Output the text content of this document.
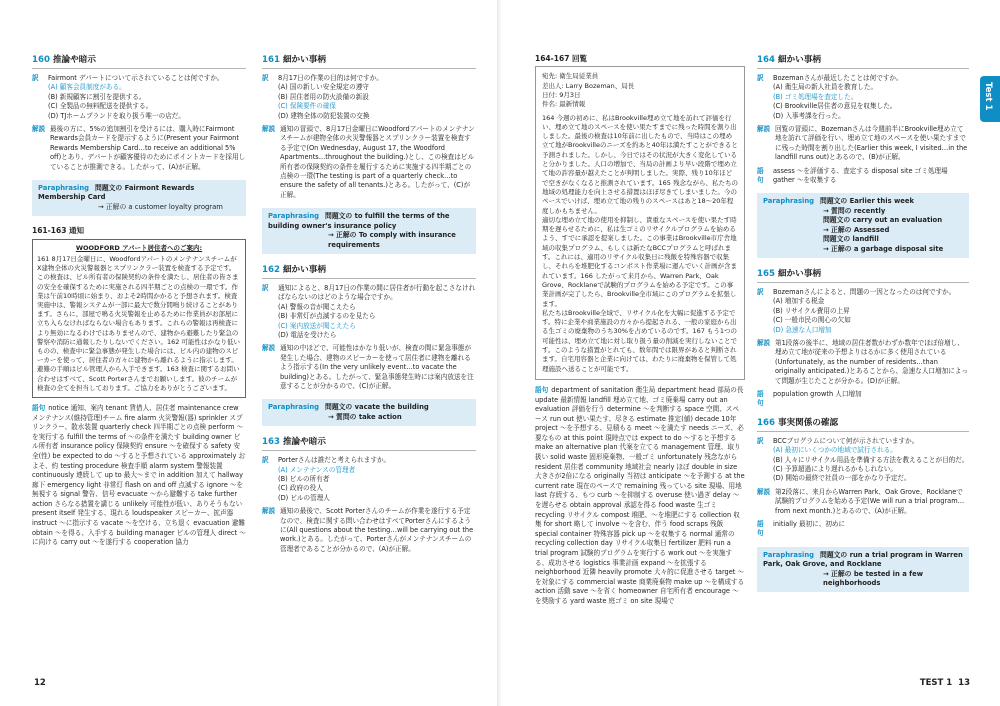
160 推論や暗示
訳	Fairmont デパートについて示されていることは何ですか。
(A) 顧客会員制度がある。
(B) 新規顧客に割引を提供する。
(C) 全製品の無料配送を提供する。
(D) TJホームブランドを取り扱う唯一の店だ。
解説 最後の方に、5%の追加割引を受けるには、購入時にFairmont Rewards会員カードを提示するように(Present your Fairmont Rewards Membership Card…to receive an additional 5% off)とあり、デパートが顧客優待のためにポイントカードを採用していることが推測できる。したがって、(A)が正解。
Paraphrasing 問題文の Fairmont Rewards Membership Card
→ 正解の a customer loyalty program
161-163 通知
WOODFORD アパート居住者へのご案内:
161 8月17日金曜日に、WoodfordアパートのメンテナンスチームがX建物全体の火災警報器とスプリンクラー装置を検査する予定です。この検査は、ビル所有者の保険契約の条件を満たし、居住者の皆さまの安全を確保するために実施される四半期ごとの点検の一環です。作業は午前10時頃に始まり、およそ2時間かかると予想されます。検査実施中は、警報システムが一部に最大で数分間鳴り続けることがあります。さらに、部屋で鳴る火災警報を止めるために作業員がお部屋に立ち入らなければならない場合もあります。これらの警報は再検査により無効になるわけではありませんので、建物から避難したり緊急の警察や消防に通報したりしないでください。162 可能性はかなり低いものの、検査中に緊急事態が発生した場合には、ビル内の建物のスピーカーを使って、居住者の方々に建物から離れるように指示します。避難の手順はビル管理人から入手できます。163 検査に関するお問い合わせはすべて、Scott Porterさんまでお願いします。彼のチームが検査の全てを担当しております。ご協力をありがとうございます。
語句 notice 通知、案内 tenant 賃借人、居住者 maintenance crew メンテナンス(維持管理)チーム fire alarm 火災警報(器) sprinkler スプリンクラー、散水装置 quarterly check 四半期ごとの点検 perform ～を実行する fulfill the terms of ～の条件を満たす building owner ビル所有者 insurance policy 保険契約 ensure ～を確保する safety 安全(性) be expected to do ～すると予想されている approximately およそ、約 testing procedure 検査手順 alarm system 警報装置 continuously 連続して up to 最大～まで in addition 加えて hallway 廊下 emergency light 非常灯 flash on and off 点滅する ignore ～を無視する signal 警告、信号 evacuate ～から避難する take further action さらなる措置を講じる unlikely 可能性が低い、ありそうもない present itself 発生する、現れる loudspeaker スピーカー、拡声器 instruct ～に指示する vacate ～を空ける、立ち退く evacuation 避難 obtain ～を得る、入手する building manager ビルの管理人 direct ～に向ける carry out ～を遂行する cooperation 協力
161 細かい事柄
訳	8月17日の作業の目的は何ですか。
(A) 国の新しい安全規定の遵守
(B) 居住者用の防火設備の新設
(C) 保険要件の確保
(D) 建物全体の防犯装置の交換
解説 通知の冒頭で、8月17日金曜日にWoodfordアパートのメンテナンスチームが建物全体の火災警報器とスプリンクラー装置を検査する予定で(On Wednesday, August 17, the Woodford Apartments…throughout the building.)とし、この検査はビル所有者の保険契約の条件を履行するために実施する四半期ごとの点検の一環(The testing is part of a quarterly check…to ensure the safety of all tenants.)とある。したがって、(C)が正解。
Paraphrasing 問題文の to fulfill the terms of the building owner's insurance policy
→ 正解の To comply with insurance requirements
162 細かい事柄
訳	通知によると、8月17日の作業の間に居住者が行動を起こさなければならないのはどのような場合ですか。
(A) 警報の音が聞こえたら
(B) 非常灯が点滅するのを見たら
(C) 案内放送が聞こえたら
(D) 電話を受けたら
解説 通知の中ほどで、可能性はかなり低いが、検査の間に緊急事態が発生した場合、建物のスピーカーを使って居住者に建物を離れるよう指示する(In the very unlikely event…to vacate the building)とある。したがって、緊急事態発生時には案内放送を注意することが分かるので、(C)が正解。
Paraphrasing 問題文の vacate the building
→ 質問の take action
163 推論や暗示
訳	Porterさんは誰だと考えられますか。
(A) メンテナンスの管理者
(B) ビルの所有者
(C) 政府の役人
(D) ビルの管理人
解説 通知の最後で、Scott Porterさんのチームが作業を遂行する予定なので、検査に関する問い合わせはすべてPorterさんにするように(All questions about the testing…will be carrying out the work.)とある。したがって、Porterさんがメンテナンスチームの管理者であることが分かるので、(A)が正解。
12
164-167 回覧
宛先: 衛生局従業員
差出人: Larry Bozeman、局長
日付: 9月3日
件名: 最新情報
164 今週の初めに、私はBrookville埋め立て地を訪れて評価を行い、埋め立て地のスペースを使い果たすまでに残った時間を割り出しました。最後の検査は10年前に出したもので、当時はこの埋め立て地がBrookvilleのニーズを約あと40年は満たすことができると予測されました。しかし、今日ではその状況が大きく変化していると分かりました。人口の増加で、当局の計画より早い段階で埋め立て地の許容量が越えたことが判明しました。実際、残り10年ほどで空きがなくなると推測されています。165 残念ながら、私たちの地域の処理能力を向上させる措置はほぼ尽きてしまいました。今のペースでいけば、埋め立て地の残りのスペースはあと18～20年程度しかもちません。
適切な埋め立て地の使用を抑制し、貴重なスペースを使い果たす時期を遅らせるために、私は生ゴミのリサイクルプログラムを始めるよう、すでに承認を提案しました。この事業はBrookville市庁舎地域の収集プログラム、もしくは新たなBCCプログラムと呼ばれます。これには、適用のリサイクル収集日に残飯を特殊容器で収集し、それらを堆肥化するコンポスト作業場に運んでいく計画が含まれています。166 したがって来月から、Warren Park、Oak Grove、Rocklaneで試験的プログラムを始める予定です。この事業計画が完了したら、Brookville全市域にこのプログラムを拡張します。
私たちはBrookville全域で、リサイクル化を大幅に促進する予定です。特に企業や商業施設の方々から提起される、一般の家庭から出る生ゴミの廃棄物のうち30%を占めているのです。167 もう1つの可能性は、埋め立て地に対し取り扱う量の削減を実行しないことです。このような措置がとれても、数年間では限界があると判断されます。自宅用容器と企業に向けては、わたりに廃棄物を保管して処理施設へ送ることが可能です。
語句 department of sanitation 衛生局 department head 部局の長 update 最新情報 landfill 埋め立て地、ゴミ廃棄場 carry out an evaluation 評価を行う determine ～を判断する space 空間、スペース run out 使い果たす、尽きる estimate 推定(値) decade 10年 project ～を予想する、見積もる meet ～を満たす needs ニーズ、必要なもの at this point 現時点では expect to do ～すると予想する make an alternative plan 代案を立てる management 管理、取り扱い solid waste 固形廃棄物、一般ゴミ unfortunately 残念ながら resident 居住者 community 地域社会 nearly ほぼ double in size 大きさが2倍になる originally 当初は anticipate ～を予測する at the current rate 現在のペースで remaining 残っている site 現場、用地 last 存続する、もつ curb ～を抑制する overuse 使い過ぎ delay ～を遅らせる obtain approval 承認を得る food waste 生ゴミ recycling リサイクル compost 堆肥、～を堆肥にする collection 収集 for short 略して involve ～を含む、伴う food scraps 残飯 special container 特殊容器 pick up ～を収集する normal 通常の recycling collection day リサイクル収集日 fertilizer 肥料 run a trial program 試験的プログラムを実行する work out ～を実施する、成功させる logistics 事業計画 expand ～を拡張する neighborhood 近隣 heavily promote 大々的に促進させる target ～を対象にする commercial waste 商業廃棄物 make up ～を構成する action 活動 save ～を省く homeowner 自宅所有者 encourage ～を奨励する yard waste 庭ゴミ on site 現場で
164 細かい事柄
訳	Bozemanさんが最近したことは何ですか。
(A) 衛生局の新人社員を教育した。
(B) ゴミ処理場を査定した。
(C) Brookville居住者の意見を収集した。
(D) 入事考課を行った。
解説 回覧の冒頭に、Bozemanさんは今週前半にBrookville埋め立て地を訪れて評価を行い、埋め立て地のスペースを使い果たすまでに残った時間を割り出した(Earlier this week, I visited…in the landfill runs out)とあるので、(B)が正解。
語句
assess ～を評価する、査定する disposal site ゴミ処理場 gather ～を収集する
Paraphrasing 問題文の Earlier this week
→ 質問の recently
問題文の carry out an evaluation
→ 正解の Assessed
問題文の landfill
→ 正解の a garbage disposal site
165 細かい事柄
訳	Bozemanさんによると、問題の一因となったのは何ですか。
(A) 増加する税金
(B) リサイクル費用の上昇
(C) 一般市民の関心の欠如
(D) 急速な人口増加
解説 第1段落の後半に、地域の居住者数がわずか数年でほぼ倍増し、埋め立て地が従来の予想よりはるかに多く使用されている(Unfortunately, as the number of residents…than originally anticipated.)とあることから、急速な人口増加によって問題が生じたことが分かる。(D)が正解。
語句
population growth 人口増加
166 事実関係の確認
訳	BCCプログラムについて何が示されていますか。
(A) 最初にいくつかの地域で試行される。
(B) 人々にリサイクル用品を準備する方法を教えることが目的だ。
(C) 予算超過により遅れるかもしれない。
(D) 開始の最終で社員の一部をかなり予定だ。
解説 第2段落に、来月からWarren Park、Oak Grove、Rocklaneで試験的プログラムを始める予定(We will run a trial program…from next month.)とあるので、(A)が正解。
語句
initially 最初に、初めに
Paraphrasing 問題文の run a trial program in Warren Park, Oak Grove, and Rocklane
→ 正解の be tested in a few neighborhoods
Test 1
TEST 1 13
